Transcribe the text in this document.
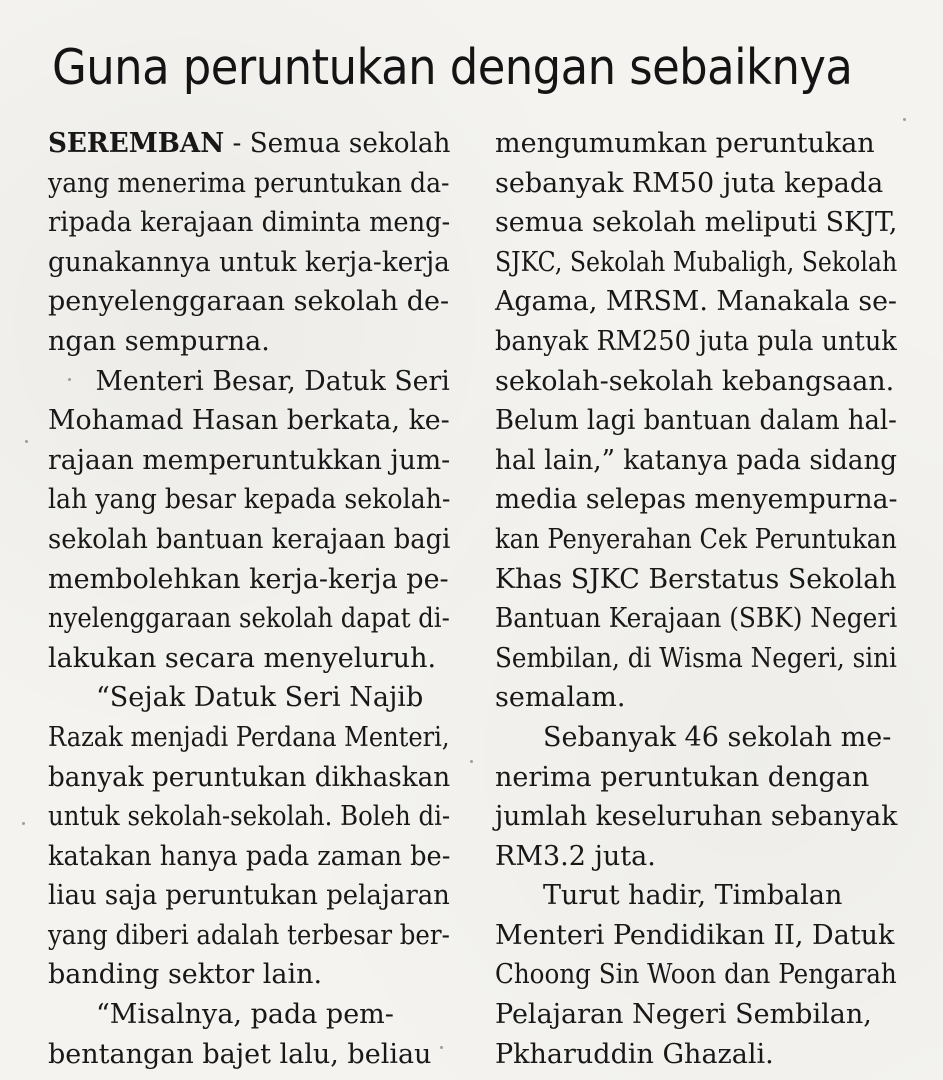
Guna peruntukan dengan sebaiknya
SEREMBAN - Semua sekolah
yang menerima peruntukan da-
ripada kerajaan diminta meng-
gunakannya untuk kerja-kerja
penyelenggaraan sekolah de-
ngan sempurna.
Menteri Besar, Datuk Seri
Mohamad Hasan berkata, ke-
rajaan memperuntukkan jum-
lah yang besar kepada sekolah-
sekolah bantuan kerajaan bagi
membolehkan kerja-kerja pe-
nyelenggaraan sekolah dapat di-
lakukan secara menyeluruh.
“Sejak Datuk Seri Najib
Razak menjadi Perdana Menteri,
banyak peruntukan dikhaskan
untuk sekolah-sekolah. Boleh di-
katakan hanya pada zaman be-
liau saja peruntukan pelajaran
yang diberi adalah terbesar ber-
banding sektor lain.
“Misalnya, pada pem-
bentangan bajet lalu, beliau
mengumumkan peruntukan
sebanyak RM50 juta kepada
semua sekolah meliputi SKJT,
SJKC, Sekolah Mubaligh, Sekolah
Agama, MRSM. Manakala se-
banyak RM250 juta pula untuk
sekolah-sekolah kebangsaan.
Belum lagi bantuan dalam hal-
hal lain,” katanya pada sidang
media selepas menyempurna-
kan Penyerahan Cek Peruntukan
Khas SJKC Berstatus Sekolah
Bantuan Kerajaan (SBK) Negeri
Sembilan, di Wisma Negeri, sini
semalam.
Sebanyak 46 sekolah me-
nerima peruntukan dengan
jumlah keseluruhan sebanyak
RM3.2 juta.
Turut hadir, Timbalan
Menteri Pendidikan II, Datuk
Choong Sin Woon dan Pengarah
Pelajaran Negeri Sembilan,
Pkharuddin Ghazali.
